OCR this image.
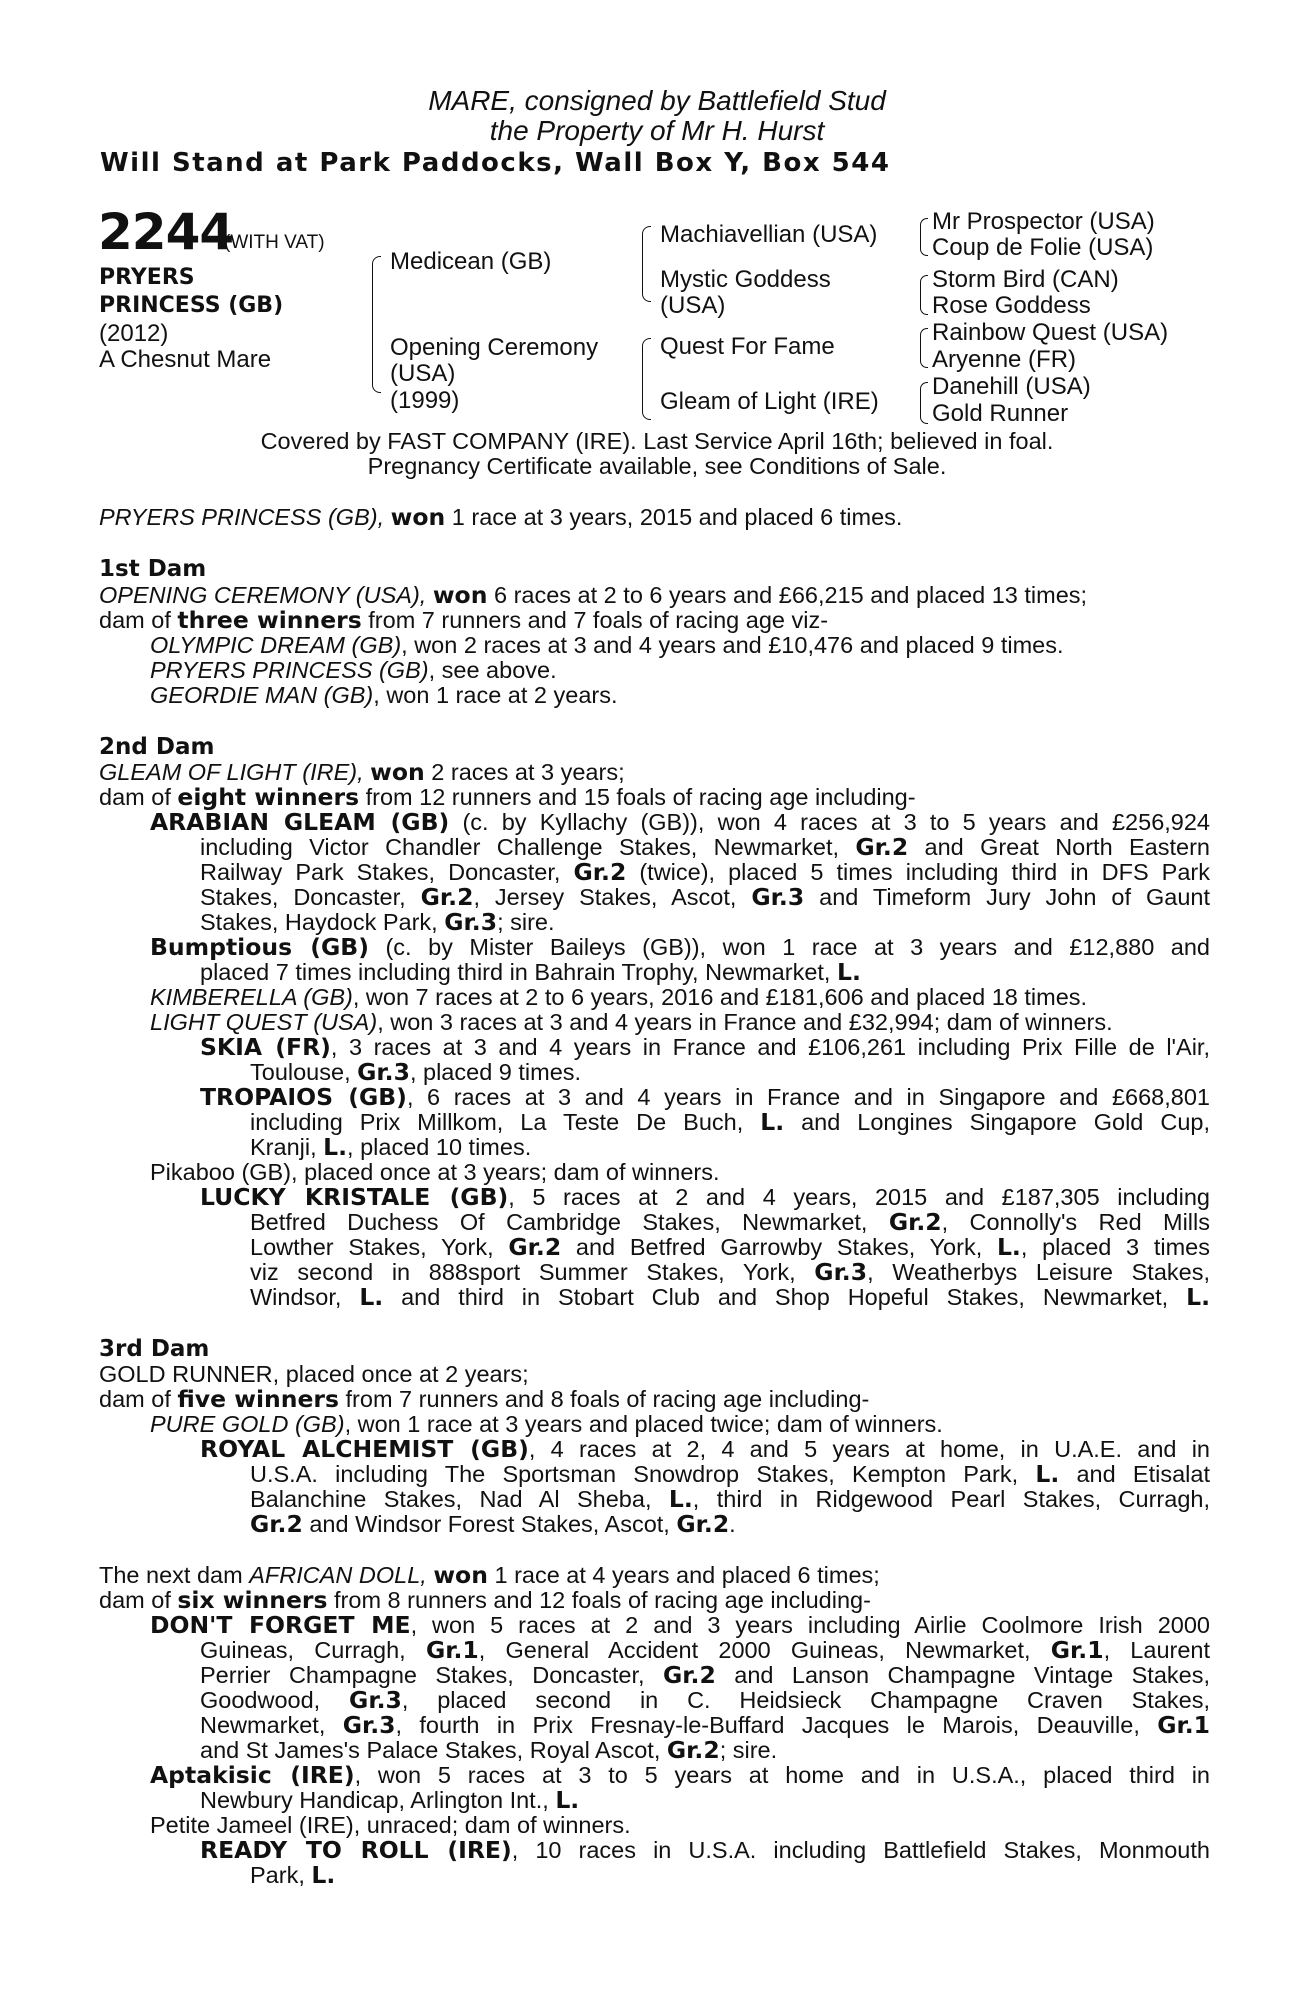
MARE, consigned by Battlefield Stud
the Property of Mr H. Hurst
Will Stand at Park Paddocks, Wall Box Y, Box 544
2244
(WITH VAT)
PRYERS
PRINCESS (GB)
(2012)
A Chesnut Mare
Medicean (GB)
Opening Ceremony
(USA)
(1999)
Machiavellian (USA)
Mystic Goddess
(USA)
Quest For Fame
Gleam of Light (IRE)
Mr Prospector (USA)
Coup de Folie (USA)
Storm Bird (CAN)
Rose Goddess
Rainbow Quest (USA)
Aryenne (FR)
Danehill (USA)
Gold Runner
Covered by FAST COMPANY (IRE). Last Service April 16th; believed in foal.
Pregnancy Certificate available, see Conditions of Sale.
PRYERS PRINCESS (GB), won 1 race at 3 years, 2015 and placed 6 times.
1st Dam
OPENING CEREMONY (USA), won 6 races at 2 to 6 years and £66,215 and placed 13 times;
dam of three winners from 7 runners and 7 foals of racing age viz-
OLYMPIC DREAM (GB), won 2 races at 3 and 4 years and £10,476 and placed 9 times.
PRYERS PRINCESS (GB), see above.
GEORDIE MAN (GB), won 1 race at 2 years.
2nd Dam
GLEAM OF LIGHT (IRE), won 2 races at 3 years;
dam of eight winners from 12 runners and 15 foals of racing age including-
ARABIAN GLEAM (GB) (c. by Kyllachy (GB)), won 4 races at 3 to 5 years and £256,924
including Victor Chandler Challenge Stakes, Newmarket, Gr.2 and Great North Eastern
Railway Park Stakes, Doncaster, Gr.2 (twice), placed 5 times including third in DFS Park
Stakes, Doncaster, Gr.2, Jersey Stakes, Ascot, Gr.3 and Timeform Jury John of Gaunt
Stakes, Haydock Park, Gr.3; sire.
Bumptious (GB) (c. by Mister Baileys (GB)), won 1 race at 3 years and £12,880 and
placed 7 times including third in Bahrain Trophy, Newmarket, L.
KIMBERELLA (GB), won 7 races at 2 to 6 years, 2016 and £181,606 and placed 18 times.
LIGHT QUEST (USA), won 3 races at 3 and 4 years in France and £32,994; dam of winners.
SKIA (FR), 3 races at 3 and 4 years in France and £106,261 including Prix Fille de l'Air,
Toulouse, Gr.3, placed 9 times.
TROPAIOS (GB), 6 races at 3 and 4 years in France and in Singapore and £668,801
including Prix Millkom, La Teste De Buch, L. and Longines Singapore Gold Cup,
Kranji, L., placed 10 times.
Pikaboo (GB), placed once at 3 years; dam of winners.
LUCKY KRISTALE (GB), 5 races at 2 and 4 years, 2015 and £187,305 including
Betfred Duchess Of Cambridge Stakes, Newmarket, Gr.2, Connolly's Red Mills
Lowther Stakes, York, Gr.2 and Betfred Garrowby Stakes, York, L., placed 3 times
viz second in 888sport Summer Stakes, York, Gr.3, Weatherbys Leisure Stakes,
Windsor, L. and third in Stobart Club and Shop Hopeful Stakes, Newmarket, L.
3rd Dam
GOLD RUNNER, placed once at 2 years;
dam of five winners from 7 runners and 8 foals of racing age including-
PURE GOLD (GB), won 1 race at 3 years and placed twice; dam of winners.
ROYAL ALCHEMIST (GB), 4 races at 2, 4 and 5 years at home, in U.A.E. and in
U.S.A. including The Sportsman Snowdrop Stakes, Kempton Park, L. and Etisalat
Balanchine Stakes, Nad Al Sheba, L., third in Ridgewood Pearl Stakes, Curragh,
Gr.2 and Windsor Forest Stakes, Ascot, Gr.2.
The next dam AFRICAN DOLL, won 1 race at 4 years and placed 6 times;
dam of six winners from 8 runners and 12 foals of racing age including-
DON'T FORGET ME, won 5 races at 2 and 3 years including Airlie Coolmore Irish 2000
Guineas, Curragh, Gr.1, General Accident 2000 Guineas, Newmarket, Gr.1, Laurent
Perrier Champagne Stakes, Doncaster, Gr.2 and Lanson Champagne Vintage Stakes,
Goodwood, Gr.3, placed second in C. Heidsieck Champagne Craven Stakes,
Newmarket, Gr.3, fourth in Prix Fresnay-le-Buffard Jacques le Marois, Deauville, Gr.1
and St James's Palace Stakes, Royal Ascot, Gr.2; sire.
Aptakisic (IRE), won 5 races at 3 to 5 years at home and in U.S.A., placed third in
Newbury Handicap, Arlington Int., L.
Petite Jameel (IRE), unraced; dam of winners.
READY TO ROLL (IRE), 10 races in U.S.A. including Battlefield Stakes, Monmouth
Park, L.
